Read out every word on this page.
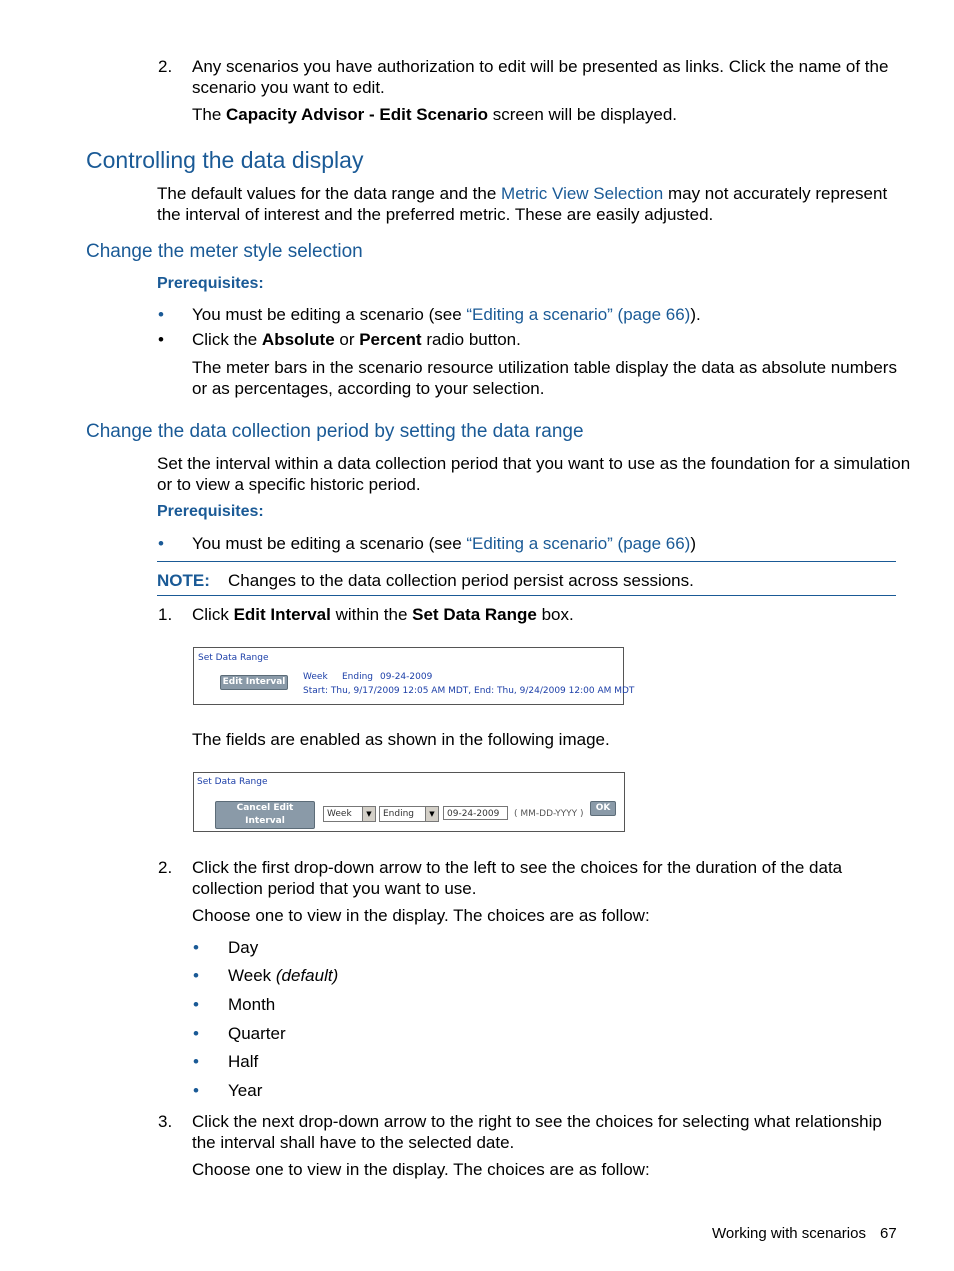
2. Any scenarios you have authorization to edit will be presented as links. Click the name of the
scenario you want to edit.
The Capacity Advisor - Edit Scenario screen will be displayed.
Controlling the data display
The default values for the data range and the Metric View Selection may not accurately represent
the interval of interest and the preferred metric. These are easily adjusted.
Change the meter style selection
Prerequisites:
• You must be editing a scenario (see “Editing a scenario” (page 66)).
• Click the Absolute or Percent radio button.
The meter bars in the scenario resource utilization table display the data as absolute numbers
or as percentages, according to your selection.
Change the data collection period by setting the data range
Set the interval within a data collection period that you want to use as the foundation for a simulation
or to view a specific historic period.
Prerequisites:
• You must be editing a scenario (see “Editing a scenario” (page 66))
NOTE: Changes to the data collection period persist across sessions.
1. Click Edit Interval within the Set Data Range box.
Set Data Range
Edit Interval Week Ending 09-24-2009
Start: Thu, 9/17/2009 12:05 AM MDT, End: Thu, 9/24/2009 12:00 AM MDT
The fields are enabled as shown in the following image.
Set Data Range
Cancel Edit Interval
Week	▼	Ending	▼	09-24-2009	( MM-DD-YYYY )
OK
2. Click the first drop-down arrow to the left to see the choices for the duration of the data
collection period that you want to use.
Choose one to view in the display. The choices are as follow:
• Day
• Week (default)
• Month
• Quarter
• Half
• Year
3. Click the next drop-down arrow to the right to see the choices for selecting what relationship
the interval shall have to the selected date.
Choose one to view in the display. The choices are as follow:
Working with scenarios 67
